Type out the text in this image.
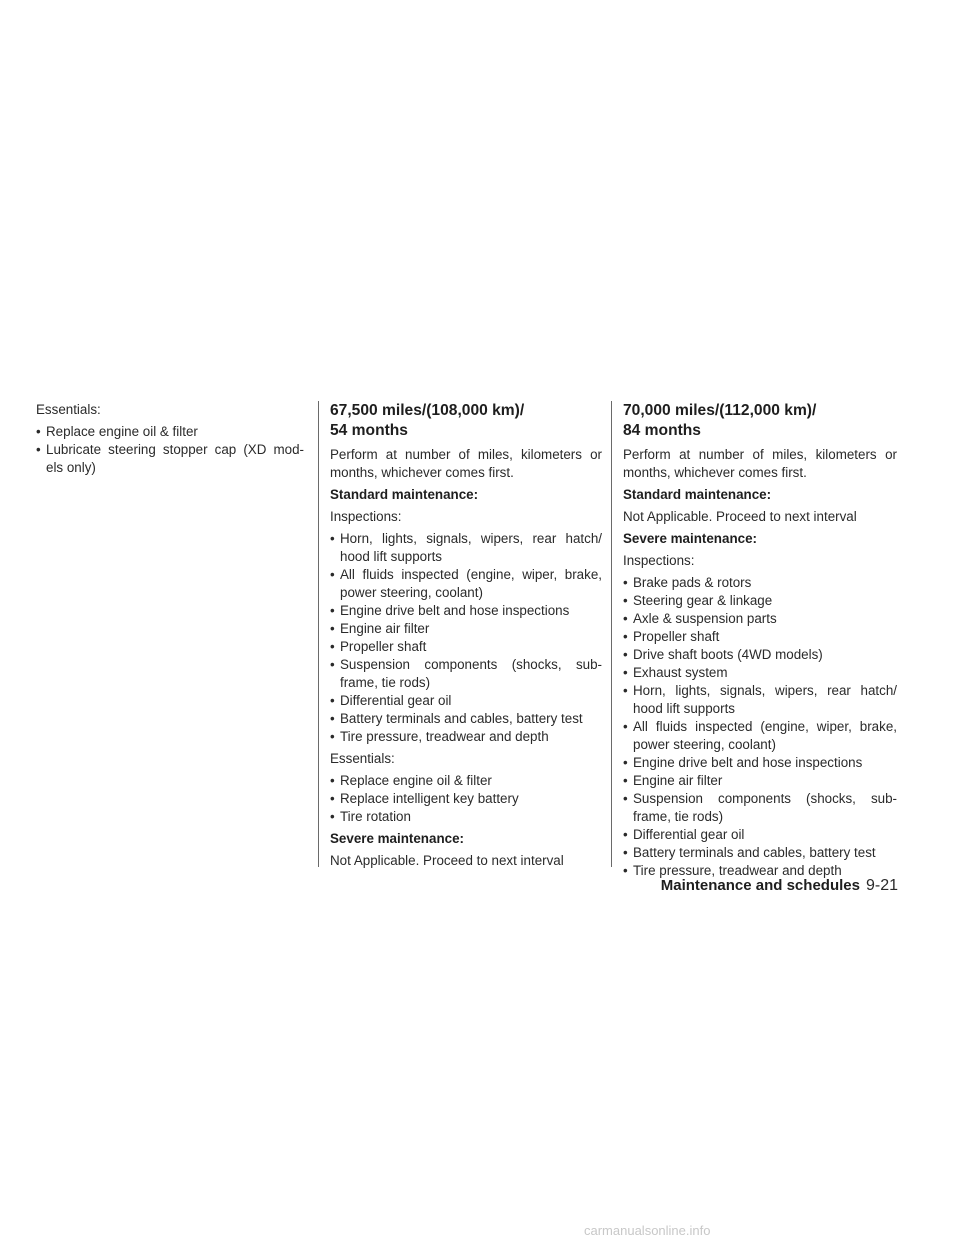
Essentials:
• Replace engine oil & filter
• Lubricate steering stopper cap (XD mod-els only)
67,500 miles/(108,000 km)/
54 months
Perform at number of miles, kilometers or months, whichever comes first.
Standard maintenance:
Inspections:
• Horn, lights, signals, wipers, rear hatch/ hood lift supports
• All fluids inspected (engine, wiper, brake, power steering, coolant)
• Engine drive belt and hose inspections
• Engine air filter
• Propeller shaft
• Suspension components (shocks, sub-frame, tie rods)
• Differential gear oil
• Battery terminals and cables, battery test
• Tire pressure, treadwear and depth
Essentials:
• Replace engine oil & filter
• Replace intelligent key battery
• Tire rotation
Severe maintenance:
Not Applicable. Proceed to next interval
70,000 miles/(112,000 km)/
84 months
Perform at number of miles, kilometers or months, whichever comes first.
Standard maintenance:
Not Applicable. Proceed to next interval
Severe maintenance:
Inspections:
• Brake pads & rotors
• Steering gear & linkage
• Axle & suspension parts
• Propeller shaft
• Drive shaft boots (4WD models)
• Exhaust system
• Horn, lights, signals, wipers, rear hatch/ hood lift supports
• All fluids inspected (engine, wiper, brake, power steering, coolant)
• Engine drive belt and hose inspections
• Engine air filter
• Suspension components (shocks, sub-frame, tie rods)
• Differential gear oil
• Battery terminals and cables, battery test
• Tire pressure, treadwear and depth
Maintenance and schedules 9-21
carmanualsonline.info
